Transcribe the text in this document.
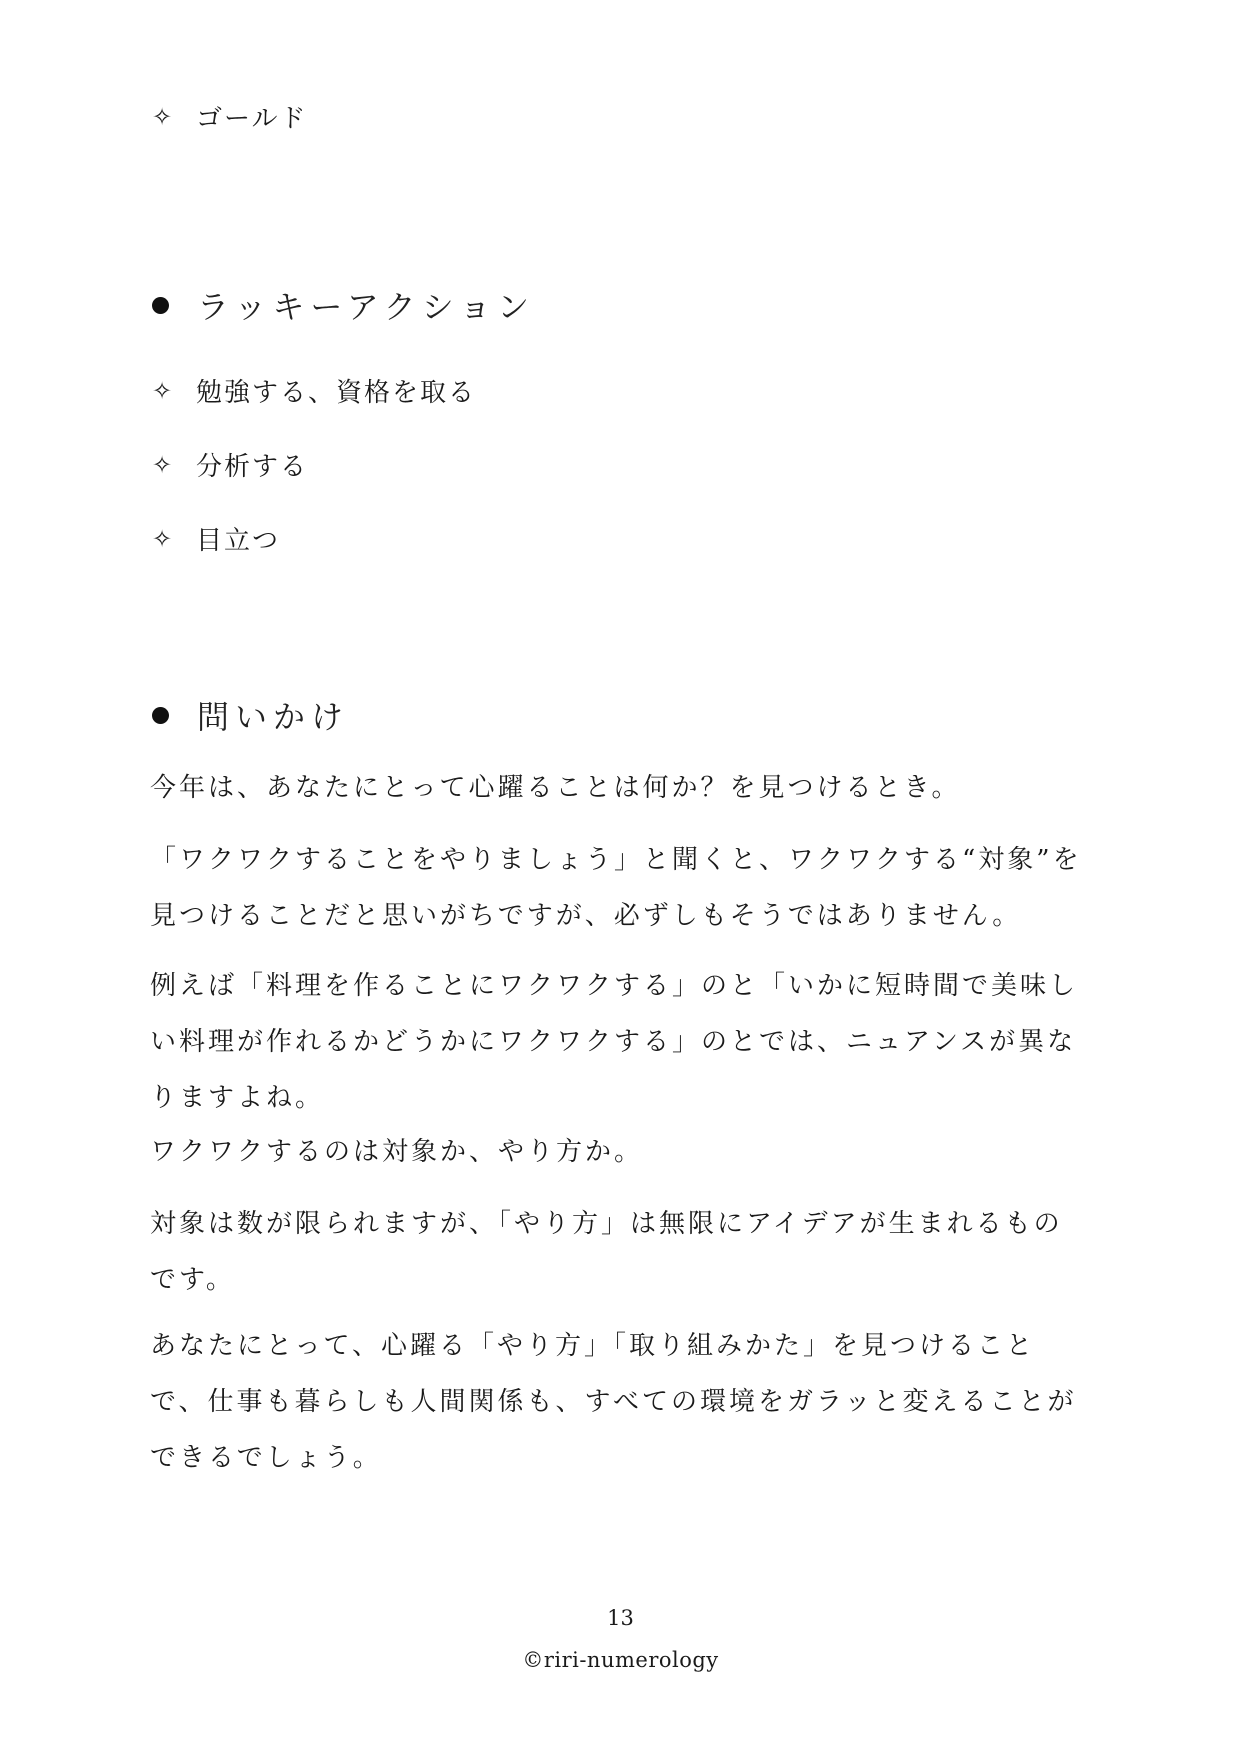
✧ ゴールド
ラッキーアクション
✧ 勉強する、資格を取る
✧ 分析する
✧ 目立つ
問いかけ
今年は、あなたにとって心躍ることは何か？を見つけるとき。
「ワクワクすることをやりましょう」と聞くと、ワクワクする“対象”を
見つけることだと思いがちですが、必ずしもそうではありません。
例えば「料理を作ることにワクワクする」のと「いかに短時間で美味し
い料理が作れるかどうかにワクワクする」のとでは、ニュアンスが異な
りますよね。
ワクワクするのは対象か、やり方か。
対象は数が限られますが、「やり方」は無限にアイデアが生まれるもの
です。
あなたにとって、心躍る「やり方」「取り組みかた」を見つけること
で、仕事も暮らしも人間関係も、すべての環境をガラッと変えることが
できるでしょう。
13
©riri-numerology
